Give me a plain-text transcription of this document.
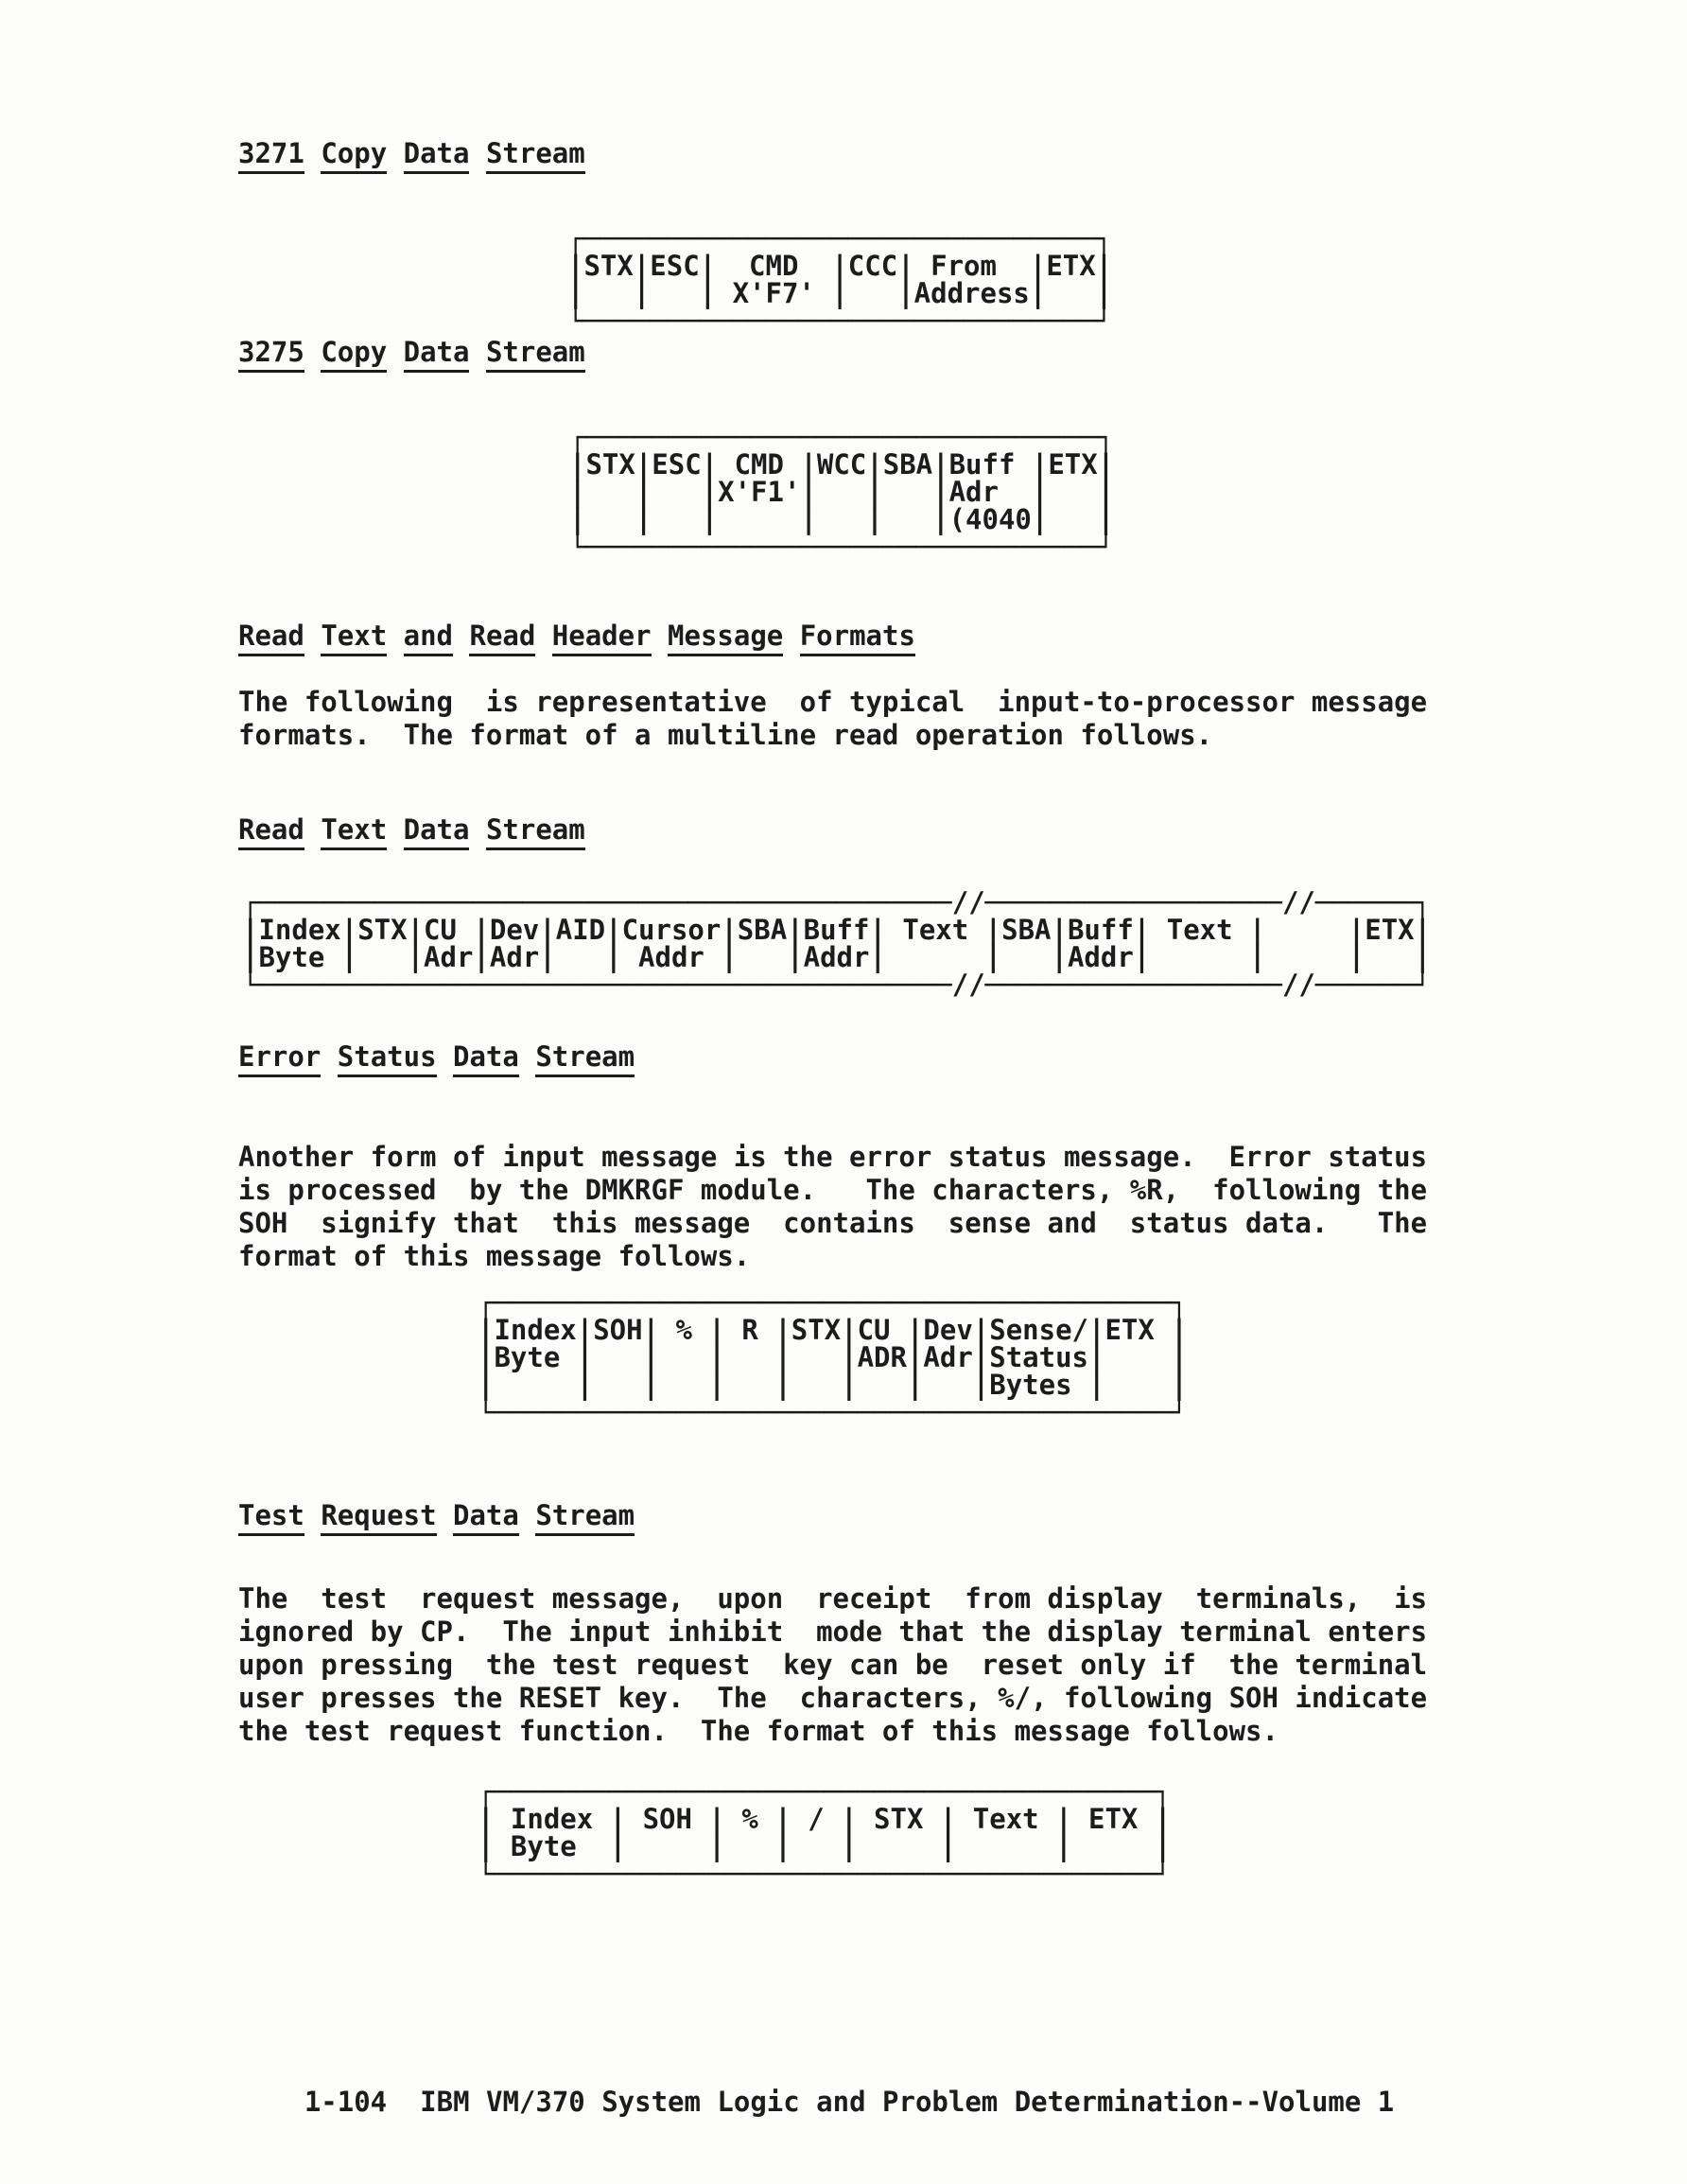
3271 Copy Data Stream
┌───────────────────────────────┐
|STX|ESC|  CMD  |CCC| From  |ETX|
|   |   | X'F7' |   |Address|   |
└───────────────────────────────┘
3275 Copy Data Stream
┌───────────────────────────────┐
|STX|ESC| CMD |WCC|SBA|Buff |ETX|
|   |   |X'F1'|   |   |Adr  |   |
|   |   |     |   |   |(4040|   |
└───────────────────────────────┘
Read Text and Read Header Message Formats
The following  is representative  of typical  input-to-processor message
formats.  The format of a multiline read operation follows.
Read Text Data Stream
┌──────────────────────────────────────────//──────────────────//──────┐
|Index|STX|CU |Dev|AID|Cursor|SBA|Buff| Text |SBA|Buff| Text |     |ETX|
|Byte |   |Adr|Adr|   | Addr |   |Addr|      |   |Addr|      |     |   |
└──────────────────────────────────────────//──────────────────//──────┘
Error Status Data Stream
Another form of input message is the error status message.  Error status
is processed  by the DMKRGF module.   The characters, %R,  following the
SOH  signify that  this message  contains  sense and  status data.   The
format of this message follows.
┌─────────────────────────────────────────┐
|Index|SOH| % | R |STX|CU |Dev|Sense/|ETX |
|Byte |   |   |   |   |ADR|Adr|Status|    |
|     |   |   |   |   |   |   |Bytes |    |
└─────────────────────────────────────────┘
Test Request Data Stream
The  test  request message,  upon  receipt  from display  terminals,  is
ignored by CP.  The input inhibit  mode that the display terminal enters
upon pressing  the test request  key can be  reset only if  the terminal
user presses the RESET key.  The  characters, %/, following SOH indicate
the test request function.  The format of this message follows.
┌────────────────────────────────────────┐
| Index | SOH | % | / | STX | Text | ETX |
| Byte  |     |   |   |     |      |     |
└────────────────────────────────────────┘

1-104 IBM VM/370 System Logic and Problem Determination--Volume 1
